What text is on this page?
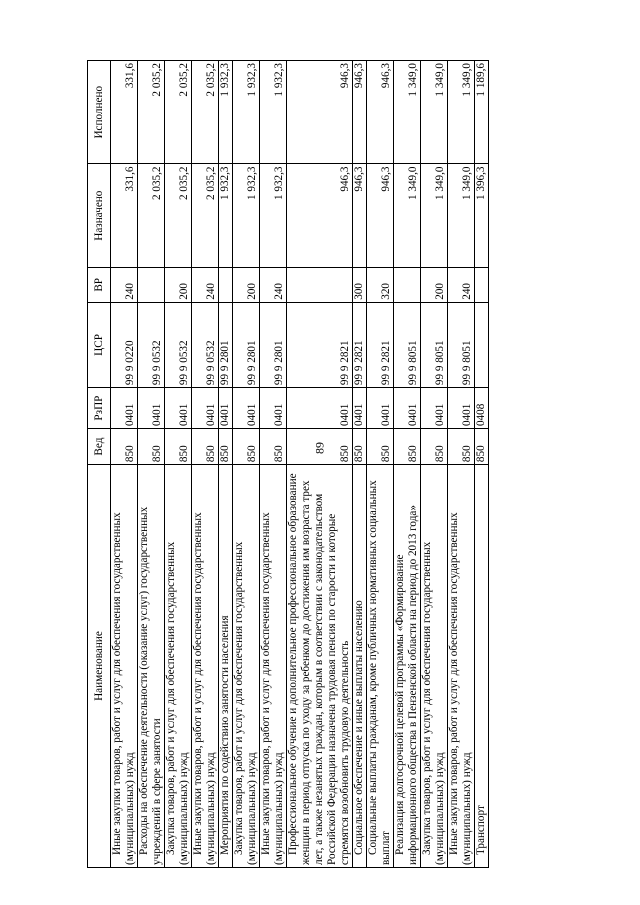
89
Наименование	Вед	РзПР	ЦСР	ВР	Назначено	Исполнено
Иные закупки товаров, работ и услуг для обеспечения государственных (муниципальных) нужд	850	0401	99 9 0220	240	331,6	331,6
Расходы на обеспечение деятельности (оказание услуг) государственных учреждений в сфере занятости	850	0401	99 9 0532		2 035,2	2 035,2
Закупка товаров, работ и услуг для обеспечения государственных (муниципальных) нужд	850	0401	99 9 0532	200	2 035,2	2 035,2
Иные закупки товаров, работ и услуг для обеспечения государственных (муниципальных) нужд	850	0401	99 9 0532	240	2 035,2	2 035,2
Мероприятия по содействию занятости населения	850	0401	99 9 2801		1 932,3	1 932,3
Закупка товаров, работ и услуг для обеспечения государственных (муниципальных) нужд	850	0401	99 9 2801	200	1 932,3	1 932,3
Иные закупки товаров, работ и услуг для обеспечения государственных (муниципальных) нужд	850	0401	99 9 2801	240	1 932,3	1 932,3
Профессиональное обучение и дополнительное профессиональное образование женщин в период отпуска по уходу за ребенком до достижения им возраста трех лет, а также незанятых граждан, которым в соответствии с законодательством Российской Федерации назначена трудовая пенсия по старости и которые стремятся возобновить трудовую деятельность	850	0401	99 9 2821		946,3	946,3
Социальное обеспечение и иные выплаты населению	850	0401	99 9 2821	300	946,3	946,3
Социальные выплаты гражданам, кроме публичных нормативных социальных выплат	850	0401	99 9 2821	320	946,3	946,3
Реализация долгосрочной целевой программы «Формирование информационного общества в Пензенской области на период до 2013 года»	850	0401	99 9 8051		1 349,0	1 349,0
Закупка товаров, работ и услуг для обеспечения государственных (муниципальных) нужд	850	0401	99 9 8051	200	1 349,0	1 349,0
Иные закупки товаров, работ и услуг для обеспечения государственных (муниципальных) нужд	850	0401	99 9 8051	240	1 349,0	1 349,0
Транспорт	850	0408			1 396,3	1 189,6
